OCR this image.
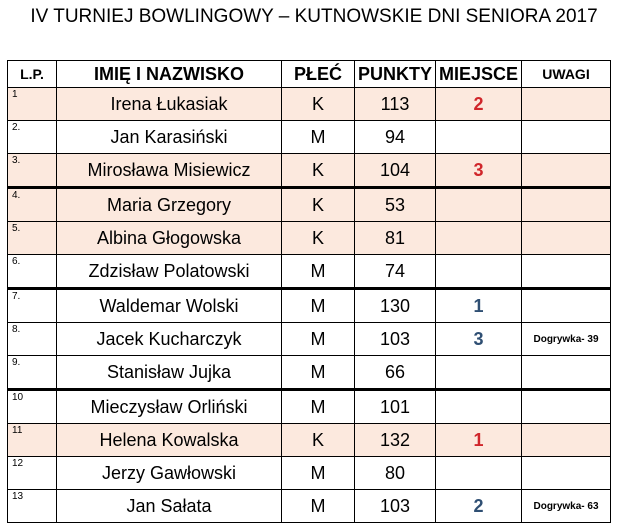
IV TURNIEJ BOWLINGOWY – KUTNOWSKIE DNI SENIORA 2017
L.P.	IMIĘ I NAZWISKO	PŁEĆ	PUNKTY	MIEJSCE	UWAGI
1	Irena Łukasiak	K	113	2	
2.	Jan Karasiński	M	94		
3.	Mirosława Misiewicz	K	104	3	
4.	Maria Grzegory	K	53		
5.	Albina Głogowska	K	81		
6.	Zdzisław Polatowski	M	74		
7.	Waldemar Wolski	M	130	1	
8.	Jacek Kucharczyk	M	103	3	Dogrywka- 39
9.	Stanisław Jujka	M	66		
10	Mieczysław Orliński	M	101		
11	Helena Kowalska	K	132	1	
12	Jerzy Gawłowski	M	80		
13	Jan Sałata	M	103	2	Dogrywka- 63
